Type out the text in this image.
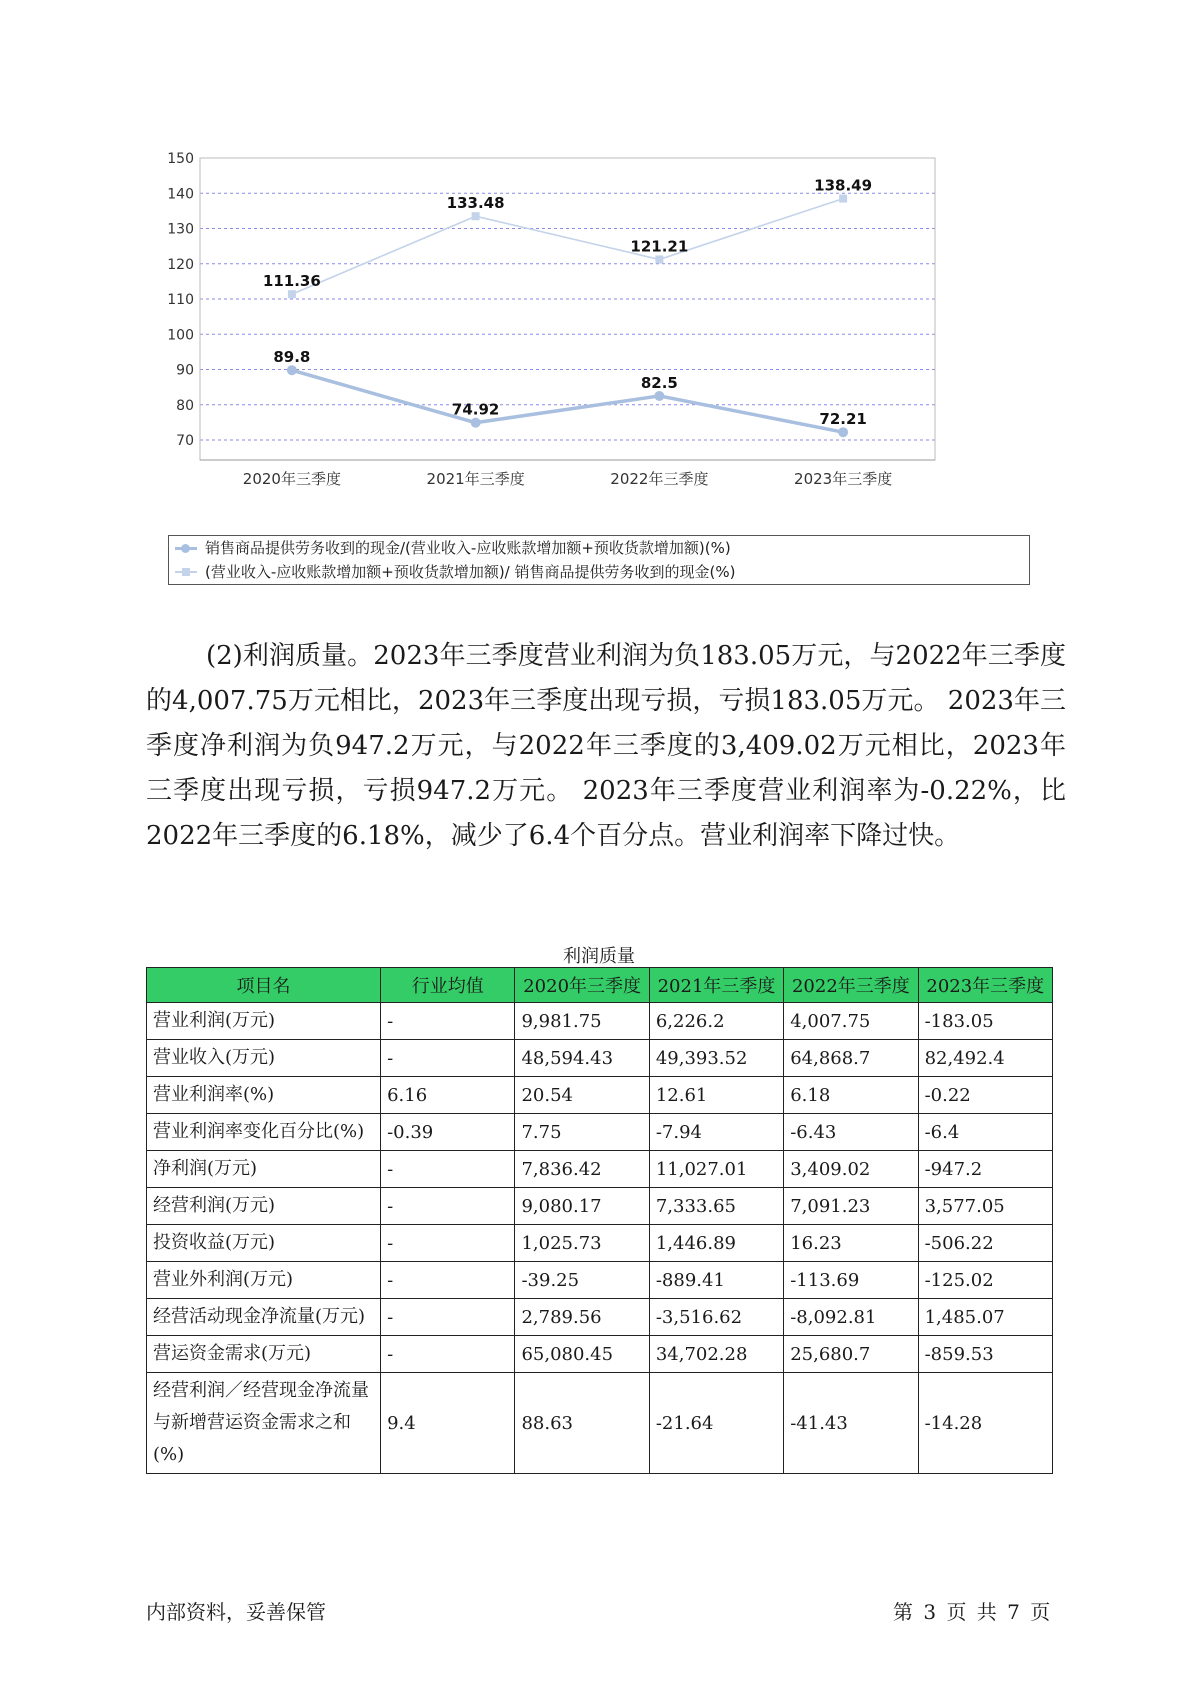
70
80
90
100
110
120
130
140
150
2020年三季度	2021年三季度	2022年三季度	2023年三季度
89.8
74.92
82.5
72.21
111.36
133.48
121.21
138.49
销售商品提供劳务收到的现金/(营业收入-应收账款增加额+预收货款增加额)(%)
(营业收入-应收账款增加额+预收货款增加额)/ 销售商品提供劳务收到的现金(%)

(2)利润质量。2023年三季度营业利润为负183.05万元，与2022年三季度的4,007.75万元相比，2023年三季度出现亏损，亏损183.05万元。 2023年三季度净利润为负947.2万元，与2022年三季度的3,409.02万元相比，2023年三季度出现亏损，亏损947.2万元。 2023年三季度营业利润率为-0.22%，比2022年三季度的6.18%，减少了6.4个百分点。营业利润率下降过快。

利润质量
项目名	行业均值	2020年三季度	2021年三季度	2022年三季度	2023年三季度
营业利润(万元)	-	9,981.75	6,226.2	4,007.75	-183.05
营业收入(万元)	-	48,594.43	49,393.52	64,868.7	82,492.4
营业利润率(%)	6.16	20.54	12.61	6.18	-0.22
营业利润率变化百分比(%)	-0.39	7.75	-7.94	-6.43	-6.4
净利润(万元)	-	7,836.42	11,027.01	3,409.02	-947.2
经营利润(万元)	-	9,080.17	7,333.65	7,091.23	3,577.05
投资收益(万元)	-	1,025.73	1,446.89	16.23	-506.22
营业外利润(万元)	-	-39.25	-889.41	-113.69	-125.02
经营活动现金净流量(万元)	-	2,789.56	-3,516.62	-8,092.81	1,485.07
营运资金需求(万元)	-	65,080.45	34,702.28	25,680.7	-859.53
经营利润／经营现金净流量与新增营运资金需求之和(%)	9.4	88.63	-21.64	-41.43	-14.28
内部资料，妥善保管	第 3 页 共 7 页
